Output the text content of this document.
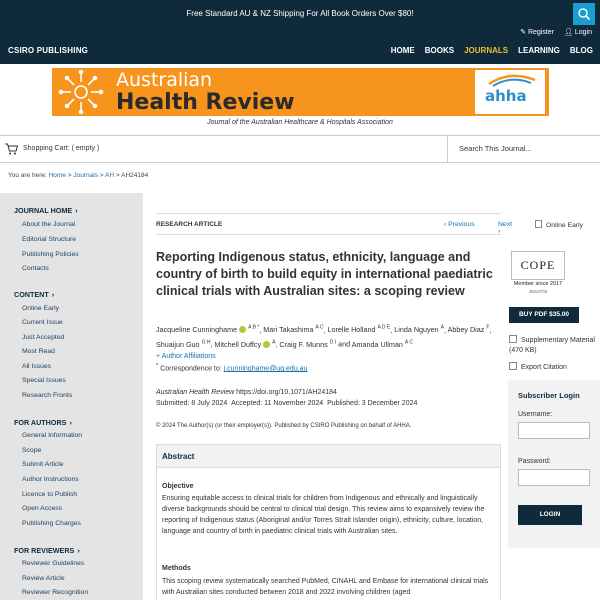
Free Standard AU & NZ Shipping For All Book Orders Over $80!
CSIRO PUBLISHING
✎ Register 👤︎ Login
HOME BOOKS JOURNALS LEARNING BLOG
Australian
Health Review	ahha
Journal of the Australian Healthcare & Hospitals Association
Shopping Cart: ( empty )
Search This Journal...
You are here: Home > Journals > AH > AH24184
JOURNAL HOME ›
About the Journal
Editorial Structure
Publishing Policies
Contacts
CONTENT ›
Online Early
Current Issue
Just Accepted
Most Read
All Issues
Special Issues
Research Fronts
FOR AUTHORS ›
General Information
Scope
Submit Article
Author Instructions
Licence to Publish
Open Access
Publishing Charges
FOR REVIEWERS ›
Reviewer Guidelines
Review Article
Reviewer Recognition
RESEARCH ARTICLE	‹ Previous	Next ›
Online Early
Reporting Indigenous status, ethnicity, language and country of birth to build equity in international paediatric clinical trials with Australian sites: a scoping review
Jacqueline Cunninghame $^{A B *}$, Mari Takashima $^{A C}$, Lorelle Holland $^{A D E}$, Linda Nguyen $^A$, Abbey Diaz $^F$, Shuaijun Guo $^{G H}$, Mitchell Duffcy $^A$, Craig F. Munns $^{D I}$ and Amanda Ullman $^{A C}$
+ Author Affiliations
* Correspondence to: j.cunninghame@uq.edu.au
Australian Health Review https://doi.org/10.1071/AH24184
Submitted: 8 July 2024 Accepted: 11 November 2024 Published: 3 December 2024
© 2024 The Author(s) (or their employer(s)). Published by CSIRO Publishing on behalf of AHHA.
Abstract
Objective
Ensuring equitable access to clinical trials for children from Indigenous and ethnically and linguistically diverse backgrounds should be central to clinical trial design. This review aims to expansively review the reporting of Indigenous status (Aboriginal and/or Torres Strait Islander origin), ethnicity, culture, location, language and country of birth in paediatric clinical trials with Australian sites.
Methods
This scoping review systematically searched PubMed, CINAHL and Embase for international clinical trials with Australian sites conducted between 2018 and 2022 involving children (aged
COPE
Member since 2017
JM12703
BUY PDF $35.00
Supplementary Material (470 KB)
Export Citation
Subscriber Login
Username:
Password:
LOGIN
